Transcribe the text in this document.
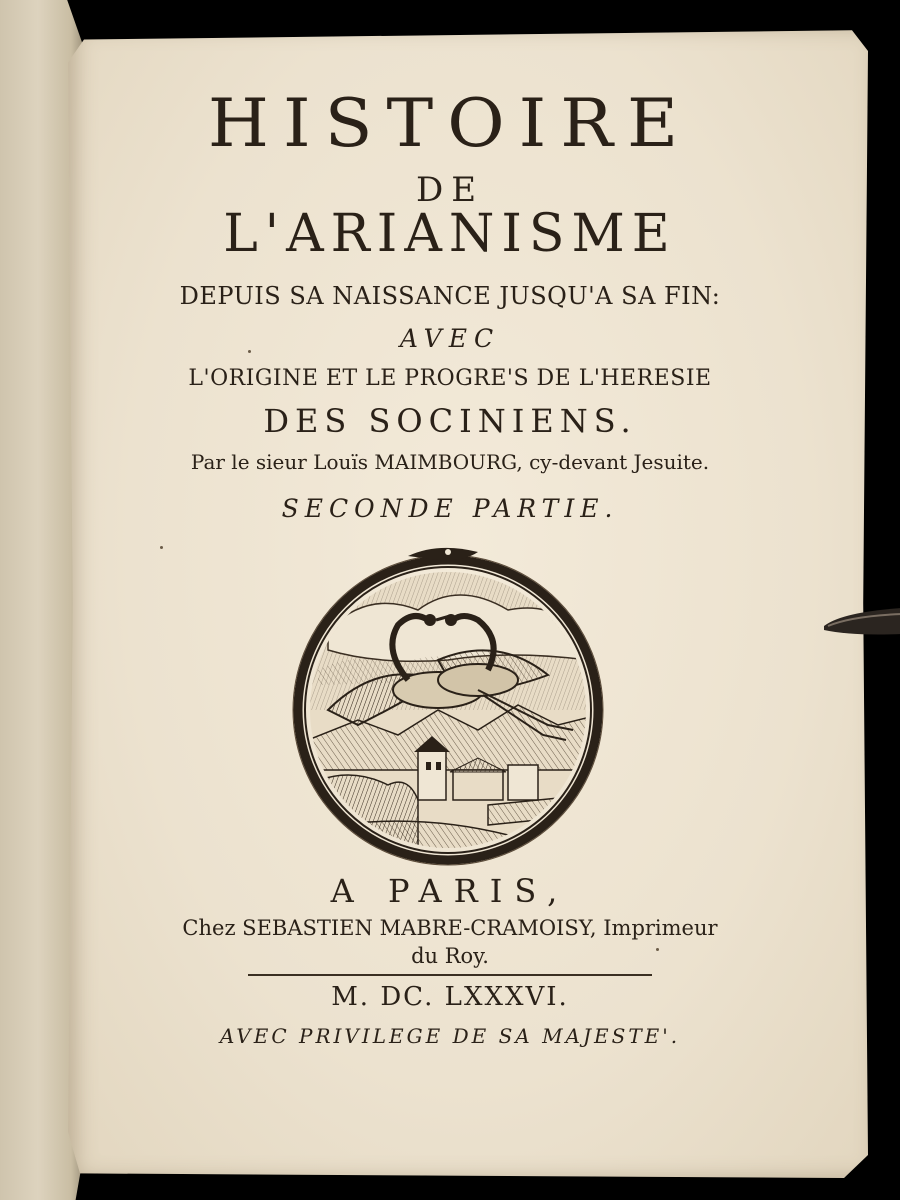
HISTOIRE
DE
L'ARIANISME
DEPUIS SA NAISSANCE JUSQU'A SA FIN:
AVEC
L'ORIGINE ET LE PROGRE'S DE L'HERESIE
DES SOCINIENS.
Par le sieur Louïs MAIMBOURG, cy-devant Jesuite.
SECONDE PARTIE.
A PARIS,
Chez SEBASTIEN MABRE-CRAMOISY, Imprimeur
du Roy.
M. DC. LXXXVI.
AVEC PRIVILEGE DE SA MAJESTE'.
